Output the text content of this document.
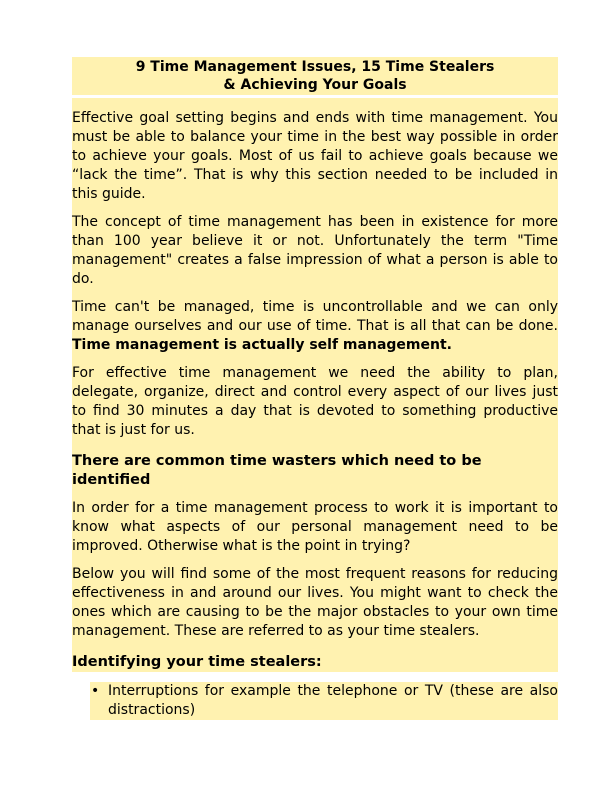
9 Time Management Issues, 15 Time Stealers
& Achieving Your Goals

Effective goal setting begins and ends with time management. You must be able to balance your time in the best way possible in order to achieve your goals. Most of us fail to achieve goals because we “lack the time”. That is why this section needed to be included in this guide.

The concept of time management has been in existence for more than 100 year believe it or not. Unfortunately the term "Time management" creates a false impression of what a person is able to do.

Time can't be managed, time is uncontrollable and we can only manage ourselves and our use of time. That is all that can be done. Time management is actually self management.

For effective time management we need the ability to plan, delegate, organize, direct and control every aspect of our lives just to find 30 minutes a day that is devoted to something productive that is just for us.

There are common time wasters which need to be identified

In order for a time management process to work it is important to know what aspects of our personal management need to be improved. Otherwise what is the point in trying?

Below you will find some of the most frequent reasons for reducing effectiveness in and around our lives. You might want to check the ones which are causing to be the major obstacles to your own time management. These are referred to as your time stealers.

Identifying your time stealers:

• Interruptions for example the telephone or TV (these are also distractions)
